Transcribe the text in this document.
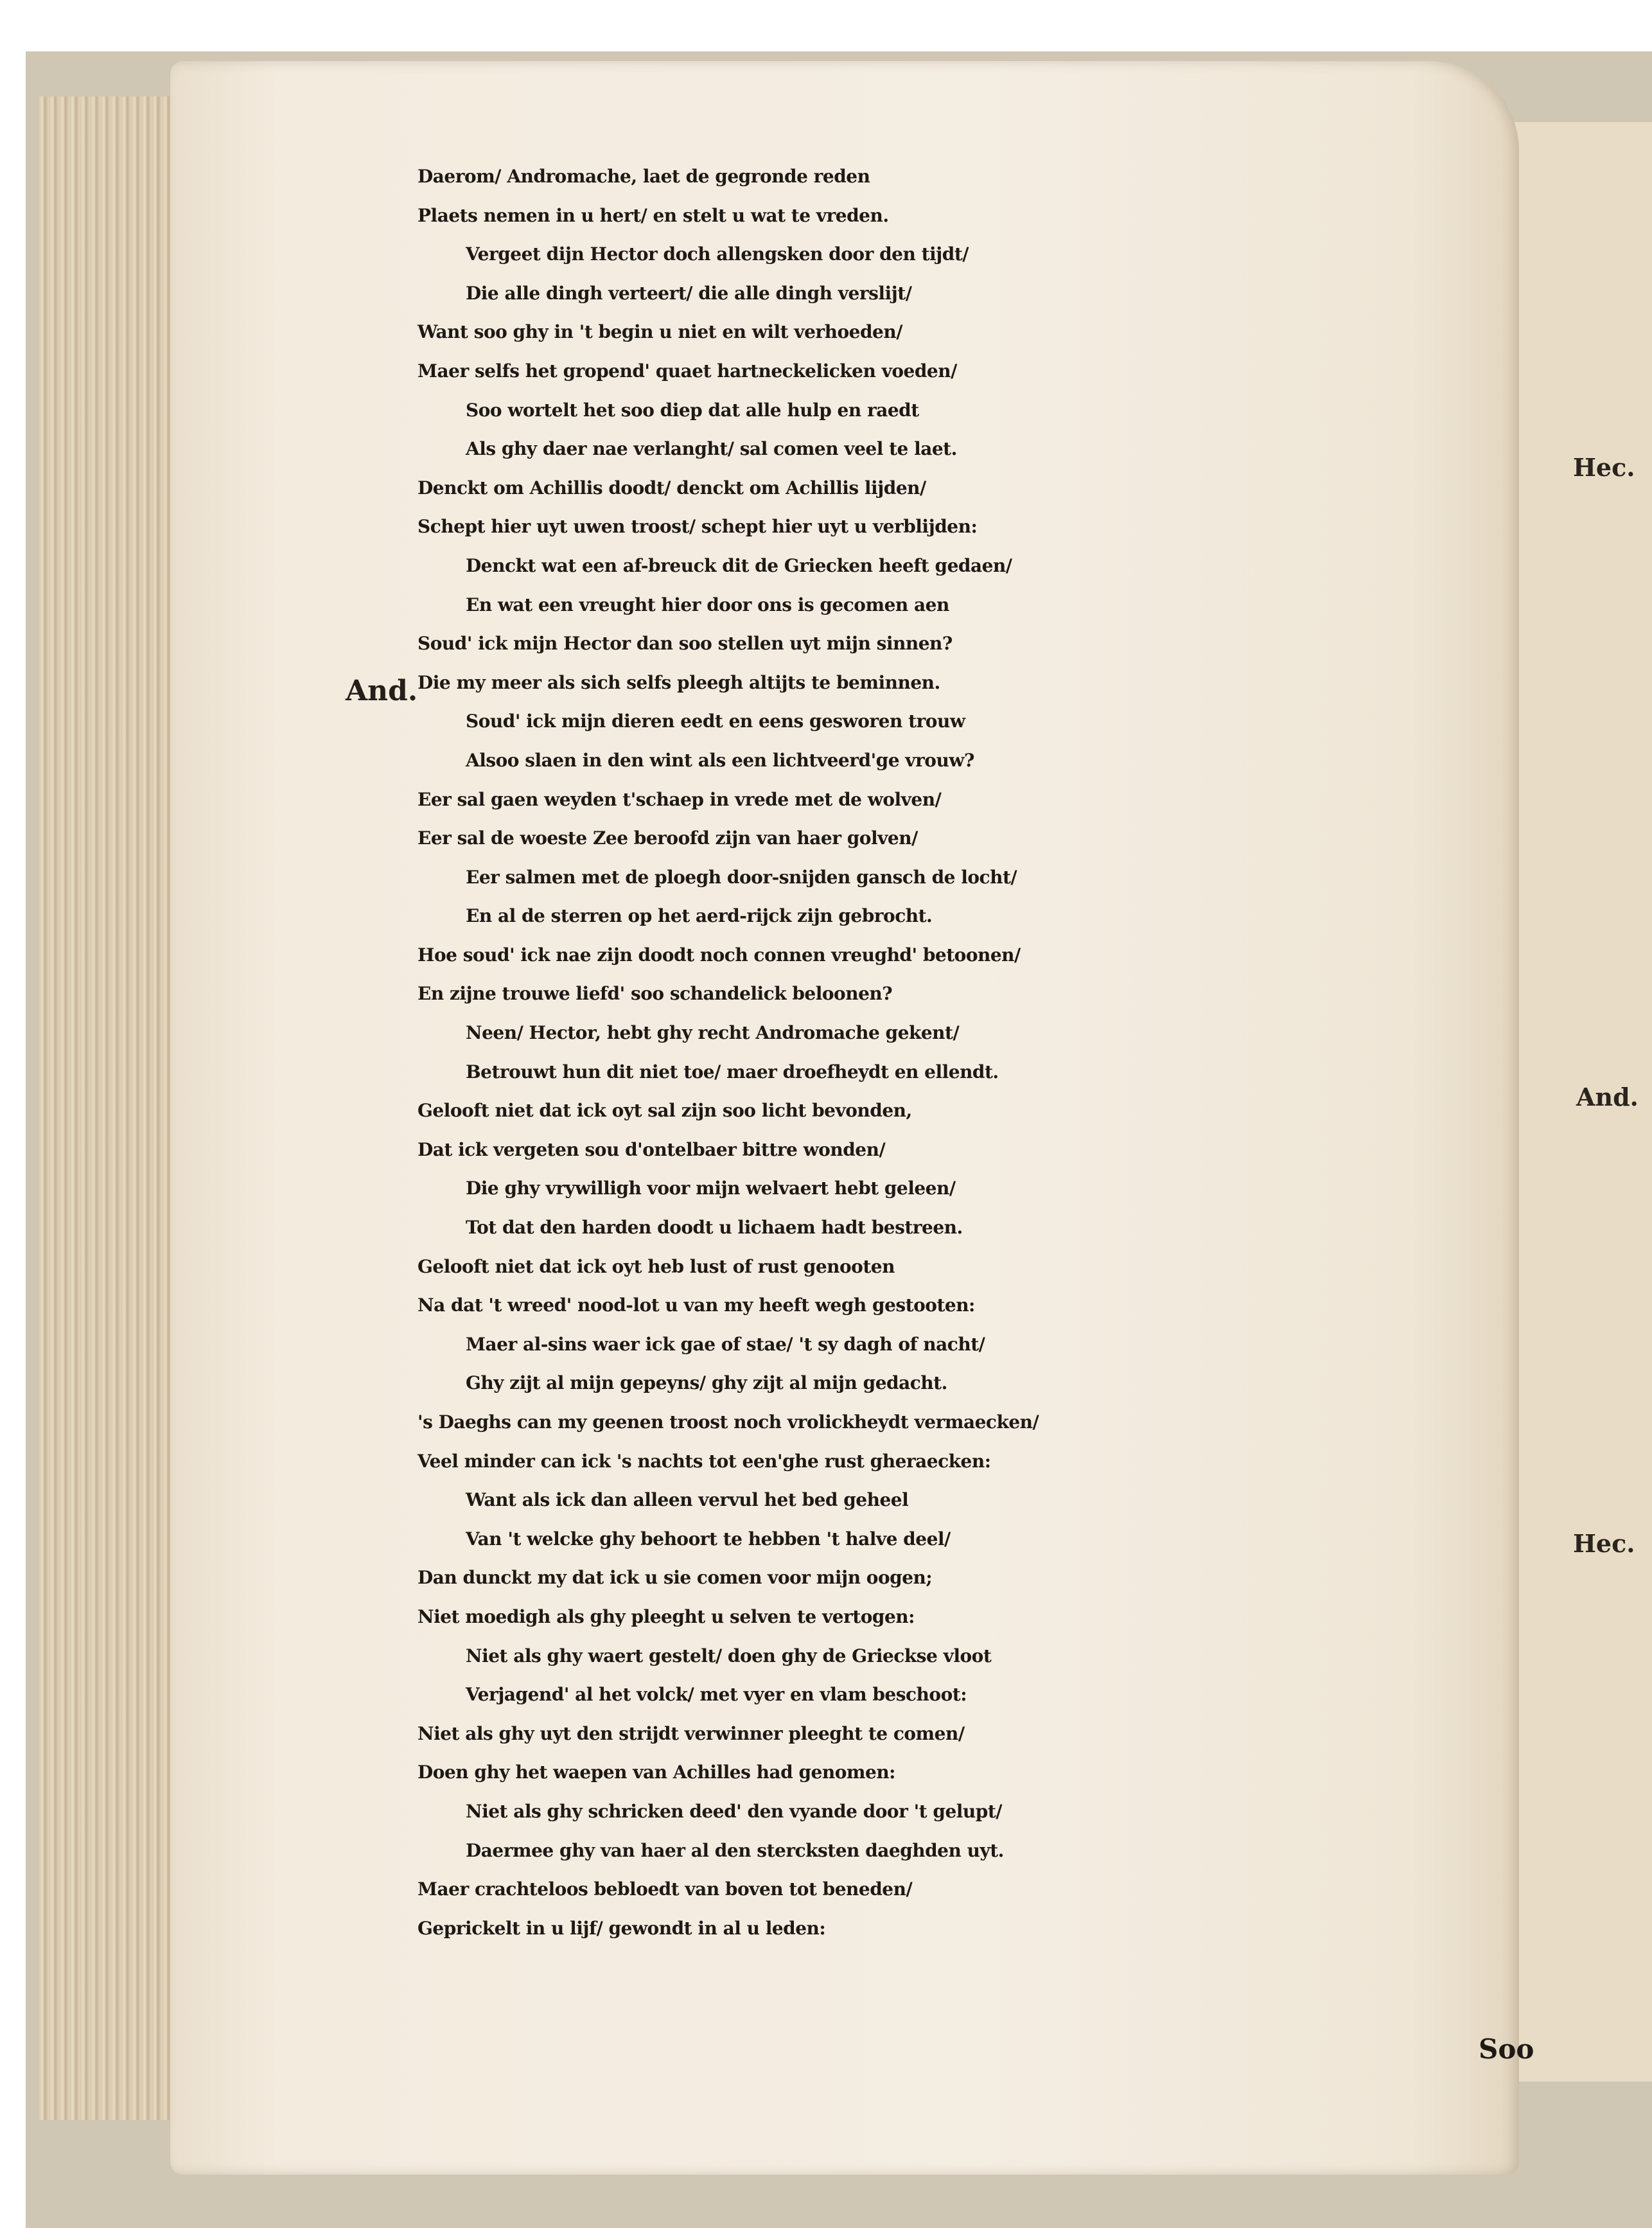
Hec.
And.
Hec.
And.
Daerom/ Andromache, laet de gegronde reden
Plaets nemen in u hert/ en stelt u wat te vreden.
Vergeet dijn Hector doch allengsken door den tijdt/
Die alle dingh verteert/ die alle dingh verslijt/
Want soo ghy in 't begin u niet en wilt verhoeden/
Maer selfs het gropend' quaet hartneckelicken voeden/
Soo wortelt het soo diep dat alle hulp en raedt
Als ghy daer nae verlanght/ sal comen veel te laet.
Denckt om Achillis doodt/ denckt om Achillis lijden/
Schept hier uyt uwen troost/ schept hier uyt u verblijden:
Denckt wat een af-breuck dit de Griecken heeft gedaen/
En wat een vreught hier door ons is gecomen aen
Soud' ick mijn Hector dan soo stellen uyt mijn sinnen?
Die my meer als sich selfs pleegh altijts te beminnen.
Soud' ick mijn dieren eedt en eens gesworen trouw
Alsoo slaen in den wint als een lichtveerd'ge vrouw?
Eer sal gaen weyden t'schaep in vrede met de wolven/
Eer sal de woeste Zee beroofd zijn van haer golven/
Eer salmen met de ploegh door-snijden gansch de locht/
En al de sterren op het aerd-rijck zijn gebrocht.
Hoe soud' ick nae zijn doodt noch connen vreughd' betoonen/
En zijne trouwe liefd' soo schandelick beloonen?
Neen/ Hector, hebt ghy recht Andromache gekent/
Betrouwt hun dit niet toe/ maer droefheydt en ellendt.
Gelooft niet dat ick oyt sal zijn soo licht bevonden,
Dat ick vergeten sou d'ontelbaer bittre wonden/
Die ghy vrywilligh voor mijn welvaert hebt geleen/
Tot dat den harden doodt u lichaem hadt bestreen.
Gelooft niet dat ick oyt heb lust of rust genooten
Na dat 't wreed' nood-lot u van my heeft wegh gestooten:
Maer al-sins waer ick gae of stae/ 't sy dagh of nacht/
Ghy zijt al mijn gepeyns/ ghy zijt al mijn gedacht.
's Daeghs can my geenen troost noch vrolickheydt vermaecken/
Veel minder can ick 's nachts tot een'ghe rust gheraecken:
Want als ick dan alleen vervul het bed geheel
Van 't welcke ghy behoort te hebben 't halve deel/
Dan dunckt my dat ick u sie comen voor mijn oogen;
Niet moedigh als ghy pleeght u selven te vertogen:
Niet als ghy waert gestelt/ doen ghy de Grieckse vloot
Verjagend' al het volck/ met vyer en vlam beschoot:
Niet als ghy uyt den strijdt verwinner pleeght te comen/
Doen ghy het waepen van Achilles had genomen:
Niet als ghy schricken deed' den vyande door 't gelupt/
Daermee ghy van haer al den stercksten daeghden uyt.
Maer crachteloos bebloedt van boven tot beneden/
Geprickelt in u lijf/ gewondt in al u leden:
Soo
